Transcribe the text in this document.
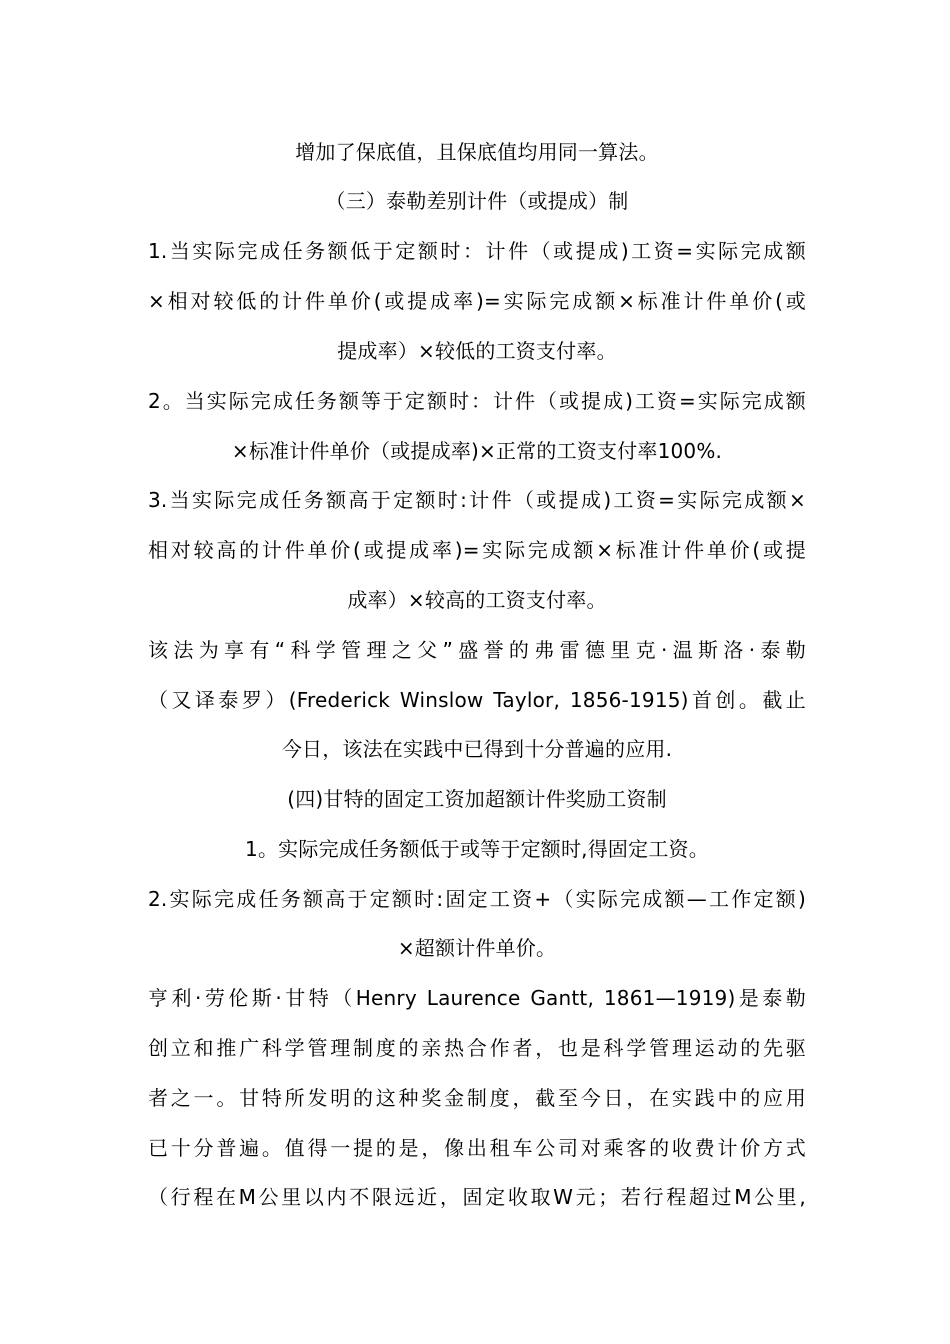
增加了保底值，且保底值均用同一算法。
（三）泰勒差别计件（或提成）制
1.当实际完成任务额低于定额时：计件（或提成)工资=实际完成额
×相对较低的计件单价(或提成率)=实际完成额×标准计件单价(或
提成率）×较低的工资支付率。
2。当实际完成任务额等于定额时：计件（或提成)工资=实际完成额
×标准计件单价（或提成率)×正常的工资支付率100%.
3.当实际完成任务额高于定额时:计件（或提成)工资=实际完成额×
相对较高的计件单价(或提成率)=实际完成额×标准计件单价(或提
成率）×较高的工资支付率。
该法为享有“科学管理之父”盛誉的弗雷德里克·温斯洛·泰勒
（又译泰罗）(Frederick Winslow Taylor, 1856-1915)首创。截止
今日，该法在实践中已得到十分普遍的应用.
(四)甘特的固定工资加超额计件奖励工资制
1。实际完成任务额低于或等于定额时,得固定工资。
2.实际完成任务额高于定额时:固定工资+（实际完成额—工作定额)
×超额计件单价。
亨利·劳伦斯·甘特（Henry Laurence Gantt, 1861—1919)是泰勒
创立和推广科学管理制度的亲热合作者，也是科学管理运动的先驱
者之一。甘特所发明的这种奖金制度，截至今日，在实践中的应用
已十分普遍。值得一提的是，像出租车公司对乘客的收费计价方式
（行程在M公里以内不限远近，固定收取W元；若行程超过M公里,
